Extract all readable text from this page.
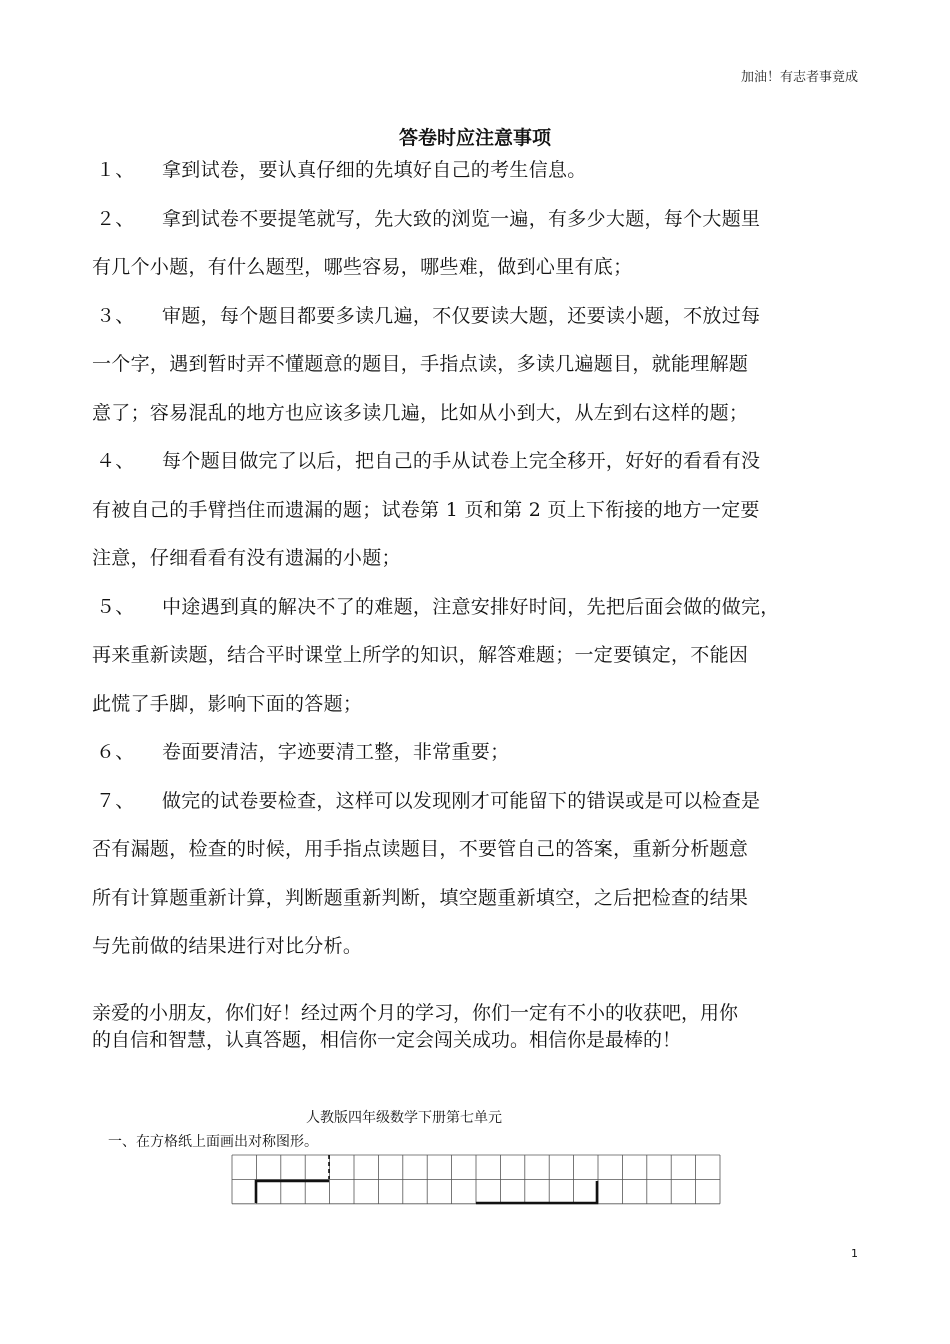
加油！有志者事竟成
答卷时应注意事项
１、 拿到试卷，要认真仔细的先填好自己的考生信息。
２、 拿到试卷不要提笔就写，先大致的浏览一遍，有多少大题，每个大题里
有几个小题，有什么题型，哪些容易，哪些难，做到心里有底；
３、 审题，每个题目都要多读几遍，不仅要读大题，还要读小题，不放过每
一个字，遇到暂时弄不懂题意的题目，手指点读，多读几遍题目，就能理解题
意了；容易混乱的地方也应该多读几遍，比如从小到大，从左到右这样的题；
４、 每个题目做完了以后，把自己的手从试卷上完全移开，好好的看看有没
有被自己的手臂挡住而遗漏的题；试卷第 1 页和第 2 页上下衔接的地方一定要
注意，仔细看看有没有遗漏的小题；
５、 中途遇到真的解决不了的难题，注意安排好时间，先把后面会做的做完，
再来重新读题，结合平时课堂上所学的知识，解答难题；一定要镇定，不能因
此慌了手脚，影响下面的答题；
６、 卷面要清洁，字迹要清工整，非常重要；
７、 做完的试卷要检查，这样可以发现刚才可能留下的错误或是可以检查是
否有漏题，检查的时候，用手指点读题目，不要管自己的答案，重新分析题意
所有计算题重新计算，判断题重新判断，填空题重新填空，之后把检查的结果
与先前做的结果进行对比分析。
亲爱的小朋友，你们好！经过两个月的学习，你们一定有不小的收获吧，用你
的自信和智慧，认真答题，相信你一定会闯关成功。相信你是最棒的！
人教版四年级数学下册第七单元
一、在方格纸上面画出对称图形。
1
